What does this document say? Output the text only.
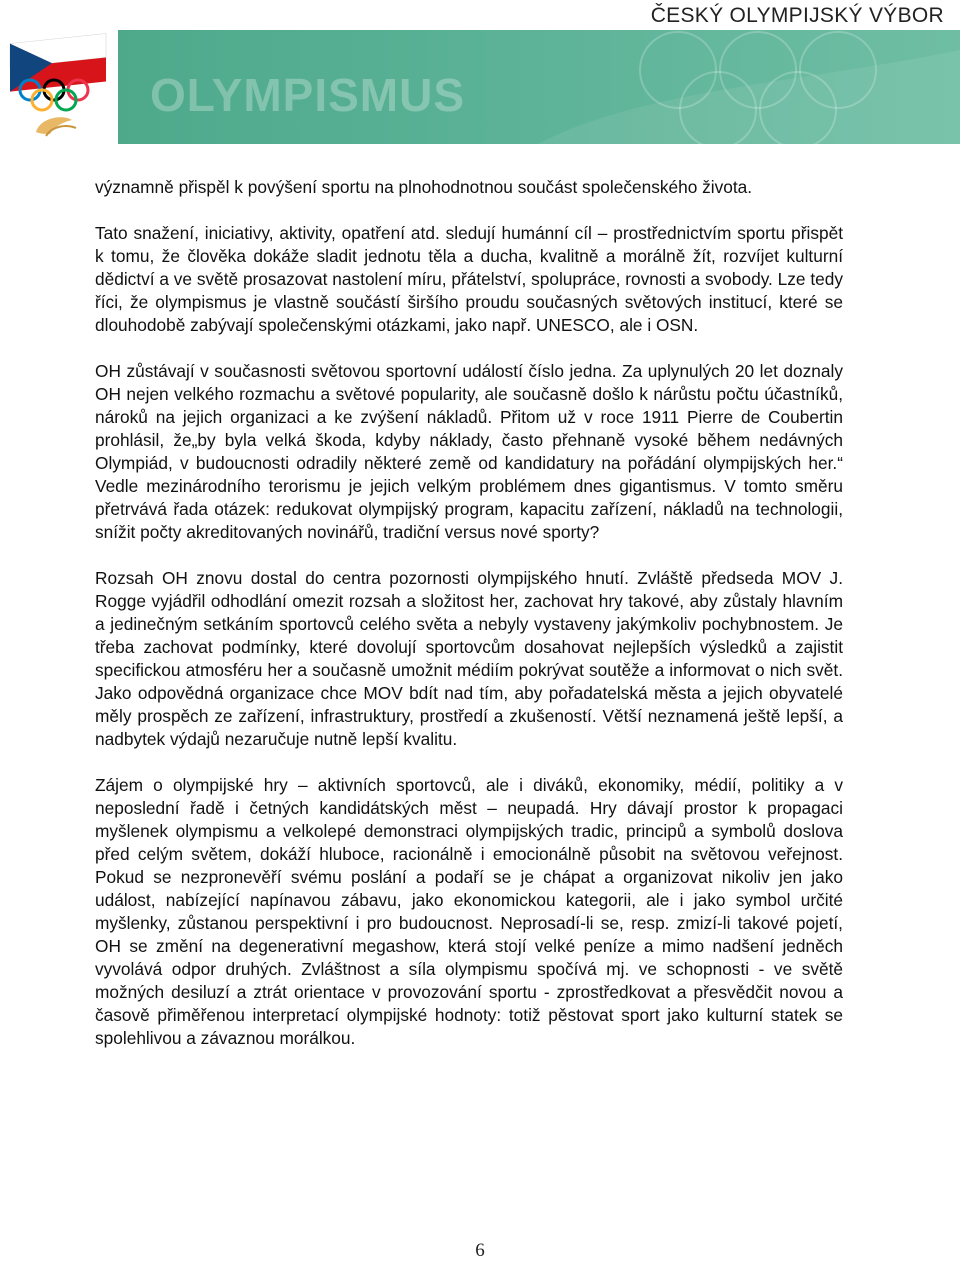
ČESKÝ OLYMPIJSKÝ VÝBOR
OLYMPISMUS

významně přispěl k povýšení sportu na plnohodnotnou součást společenského života.

Tato snažení, iniciativy, aktivity, opatření atd. sledují humánní cíl – prostřednictvím sportu přispět k tomu, že člověka dokáže sladit jednotu těla a ducha, kvalitně a morálně žít, rozvíjet kulturní dědictví a ve světě prosazovat nastolení míru, přátelství, spolupráce, rovnosti a svobody. Lze tedy říci, že olympismus je vlastně součástí širšího proudu současných světových institucí, které se dlouhodobě zabývají společenskými otázkami, jako např. UNESCO, ale i OSN.

OH zůstávají v současnosti světovou sportovní událostí číslo jedna. Za uplynulých 20 let doznaly OH nejen velkého rozmachu a světové popularity, ale současně došlo k nárůstu počtu účastníků, nároků na jejich organizaci a ke zvýšení nákladů. Přitom už v roce 1911 Pierre de Coubertin prohlásil, že„by byla velká škoda, kdyby náklady, často přehnaně vysoké během nedávných Olympiád, v budoucnosti odradily některé země od kandidatury na pořádání olympijských her.“ Vedle mezinárodního terorismu je jejich velkým problémem dnes gigantismus. V tomto směru přetrvává řada otázek: redukovat olympijský program, kapacitu zařízení, nákladů na technologii, snížit počty akreditovaných novinářů, tradiční versus nové sporty?

Rozsah OH znovu dostal do centra pozornosti olympijského hnutí. Zvláště předseda MOV J. Rogge vyjádřil odhodlání omezit rozsah a složitost her, zachovat hry takové, aby zůstaly hlavním a jedinečným setkáním sportovců celého světa a nebyly vystaveny jakýmkoliv pochybnostem. Je třeba zachovat podmínky, které dovolují sportovcům dosahovat nejlepších výsledků a zajistit specifickou atmosféru her a současně umožnit médiím pokrývat soutěže a informovat o nich svět. Jako odpovědná organizace chce MOV bdít nad tím, aby pořadatelská města a jejich obyvatelé měly prospěch ze zařízení, infrastruktury, prostředí a zkušeností. Větší neznamená ještě lepší, a nadbytek výdajů nezaručuje nutně lepší kvalitu.

Zájem o olympijské hry – aktivních sportovců, ale i diváků, ekonomiky, médií, politiky a v neposlední řadě i četných kandidátských měst – neupadá. Hry dávají prostor k propagaci myšlenek olympismu a velkolepé demonstraci olympijských tradic, principů a symbolů doslova před celým světem, dokáží hluboce, racionálně i emocionálně působit na světovou veřejnost. Pokud se nezpronevěří svému poslání a podaří se je chápat a organizovat nikoliv jen jako událost, nabízející napínavou zábavu, jako ekonomickou kategorii, ale i jako symbol určité myšlenky, zůstanou perspektivní i pro budoucnost. Neprosadí-li se, resp. zmizí-li takové pojetí, OH se změní na degenerativní megashow, která stojí velké peníze a mimo nadšení jedněch vyvolává odpor druhých. Zvláštnost a síla olympismu spočívá mj. ve schopnosti - ve světě možných desiluzí a ztrát orientace v provozování sportu - zprostředkovat a přesvědčit novou a časově přiměřenou interpretací olympijské hodnoty: totiž pěstovat sport jako kulturní statek se spolehlivou a závaznou morálkou.

6
